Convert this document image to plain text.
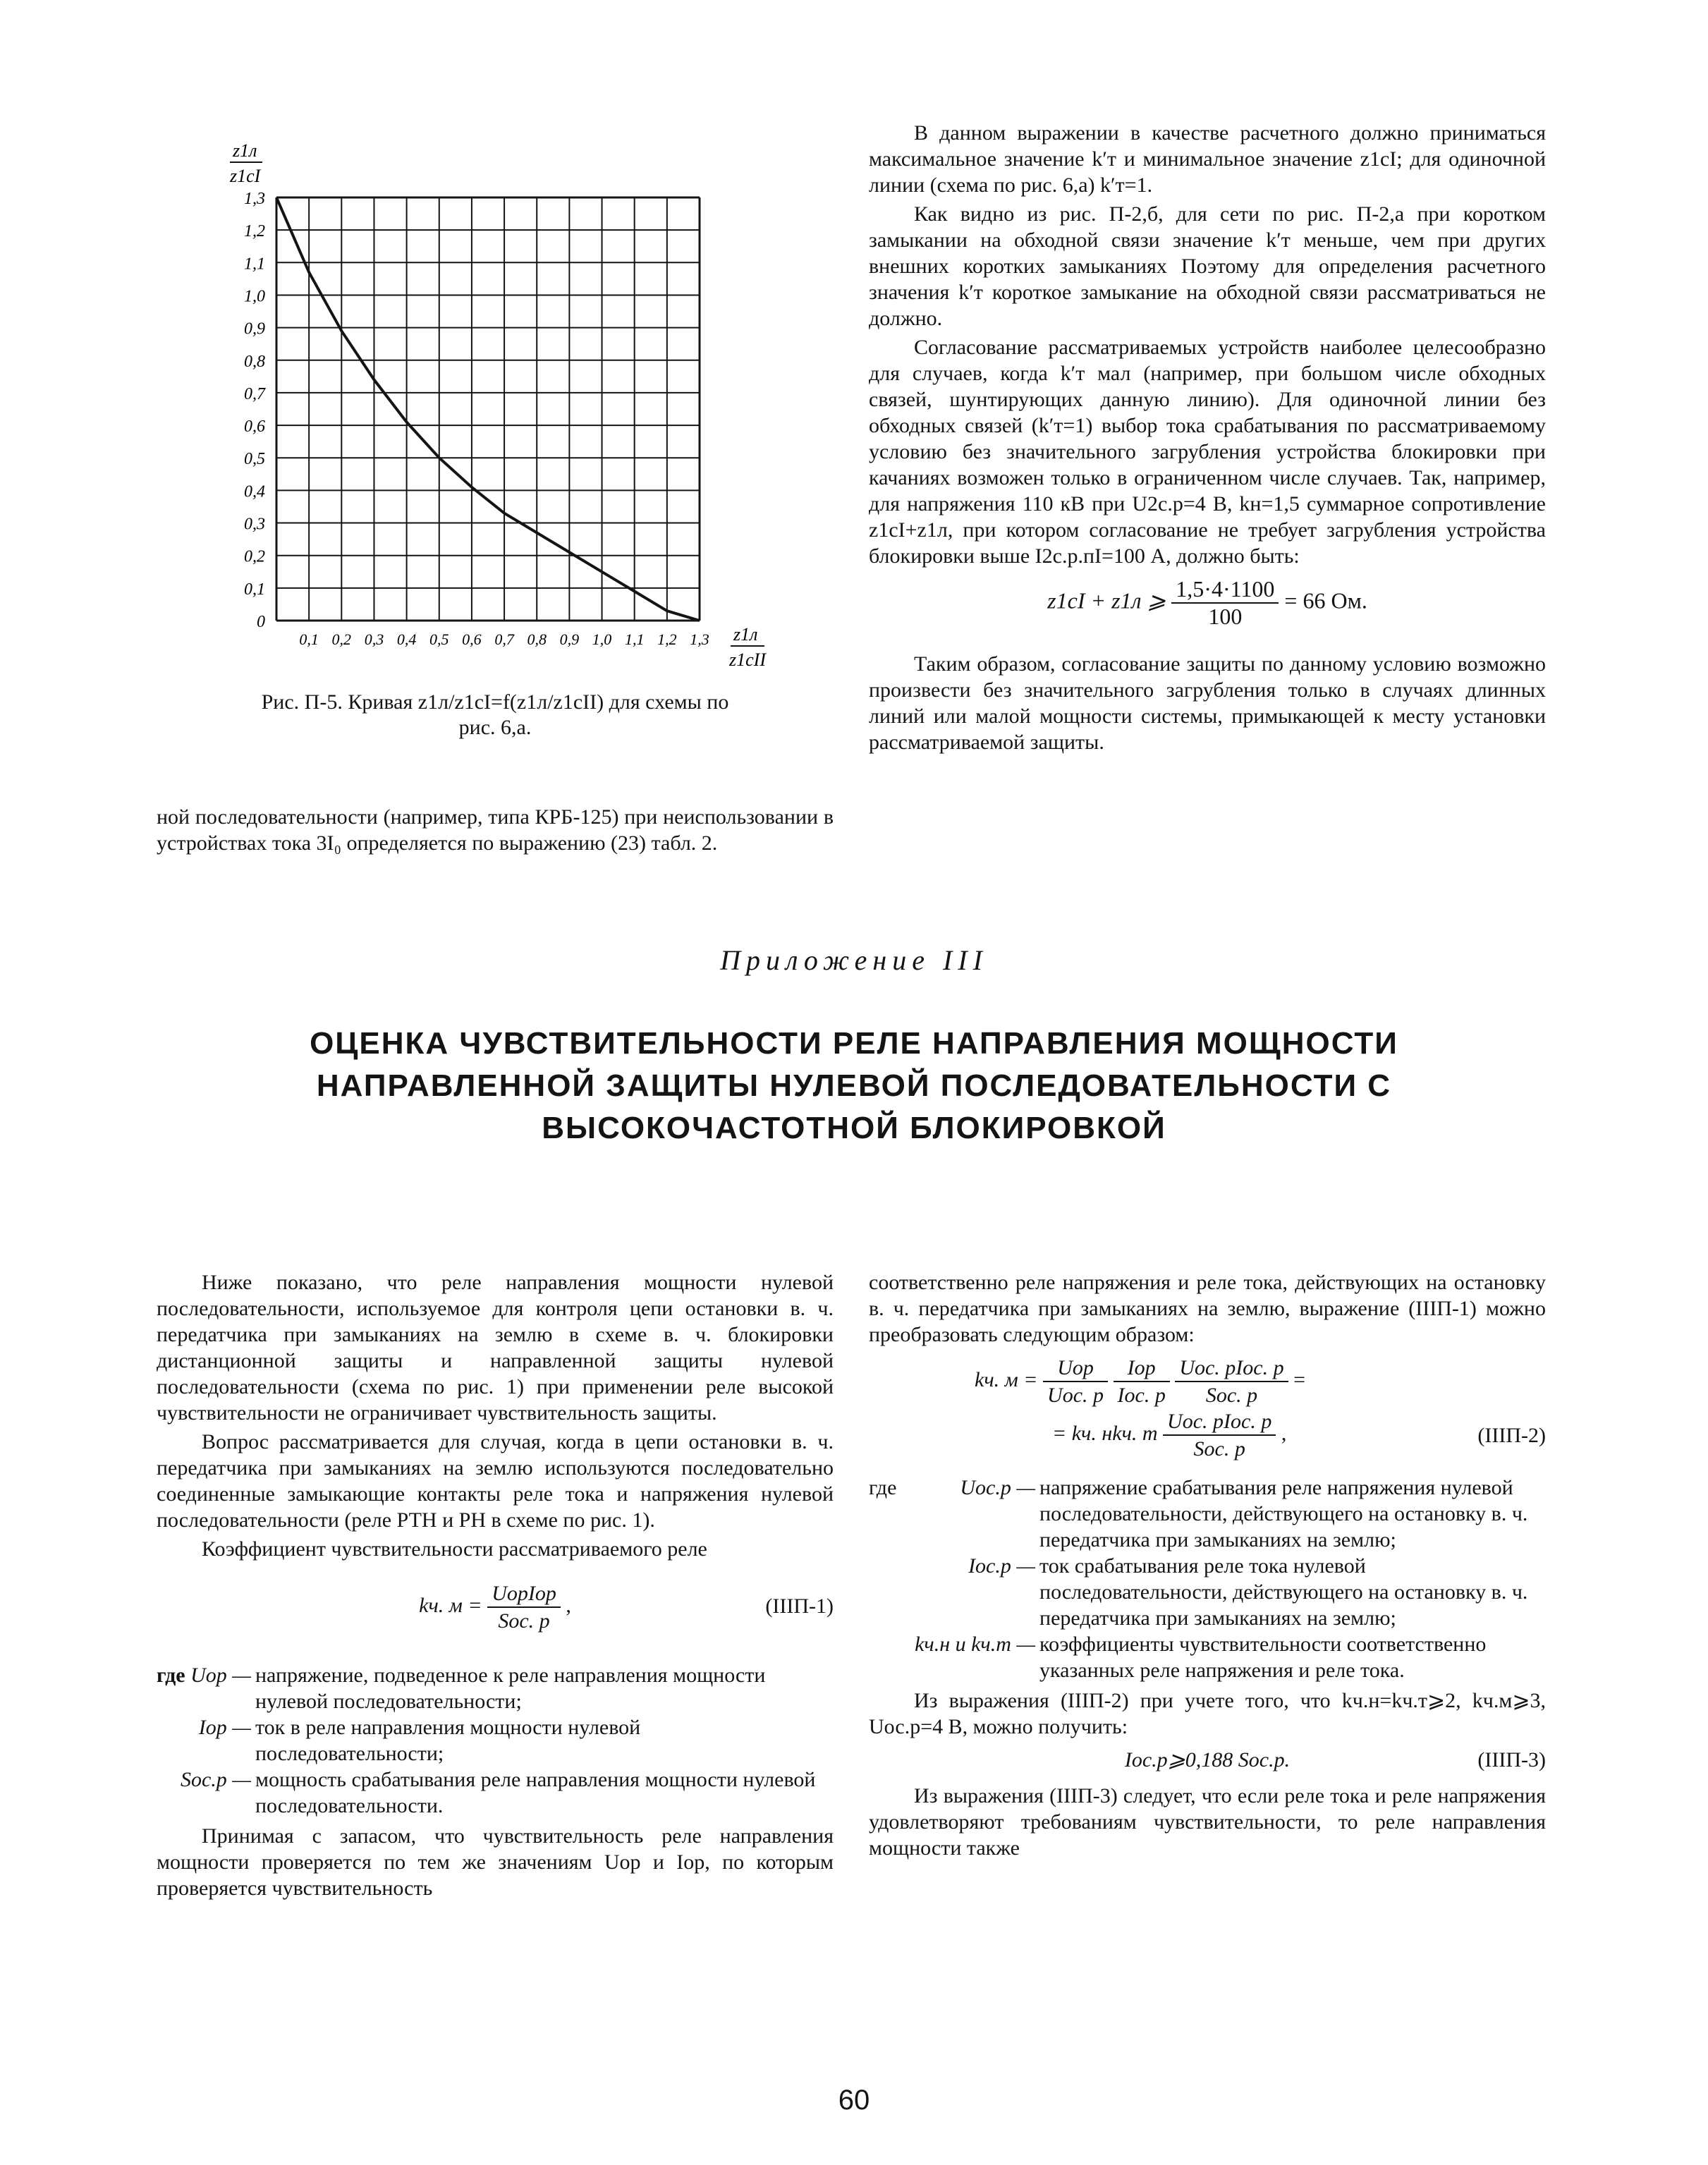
1,3
1,2
1,1
1,0
0,9
0,8
0,7
0,6
0,5
0,4
0,3
0,2
0,1
0
0,1 0,2 0,3 0,4 0,5 0,6 0,7 0,8 0,9 1,0 1,1 1,2 1,3
z1л
z1cI
z1л
z1cII
Рис. П-5. Кривая z1л/z1cI=f(z1л/z1cII) для схемы по
рис. 6,а.

ной последовательности (например, типа КРБ-125) при неиспользовании в устройствах тока 3I₀ определяется по выражению (23) табл. 2.

В данном выражении в качестве расчетного должно приниматься максимальное значение k′т и минимальное значение z1cI; для одиночной линии (схема по рис. 6,а) k′т=1.

Как видно из рис. П-2,б, для сети по рис. П-2,а при коротком замыкании на обходной связи значение k′т меньше, чем при других внешних коротких замыканиях Поэтому для определения расчетного значения k′т короткое замыкание на обходной связи рассматриваться не должно.

Согласование рассматриваемых устройств наиболее целесообразно для случаев, когда k′т мал (например, при большом числе обходных связей, шунтирующих данную линию). Для одиночной линии без обходных связей (k′т=1) выбор тока срабатывания по рассматриваемому условию без значительного загрубления устройства блокировки при качаниях возможен только в ограниченном числе случаев. Так, например, для напряжения 110 кВ при U2с.р=4 В, kн=1,5 суммарное сопротивление z1cI+z1л, при котором согласование не требует загрубления устройства блокировки выше I2с.р.пI=100 А, должно быть:

z1cI + z1л ⩾ $\frac{1,5\cdot 4\cdot 1100}{100} = 66$ Ом.

Таким образом, согласование защиты по данному условию возможно произвести без значительного загрубления только в случаях длинных линий или малой мощности системы, примыкающей к месту установки рассматриваемой защиты.

Приложение III
ОЦЕНКА ЧУВСТВИТЕЛЬНОСТИ РЕЛЕ НАПРАВЛЕНИЯ МОЩНОСТИ НАПРАВЛЕННОЙ ЗАЩИТЫ НУЛЕВОЙ ПОСЛЕДОВАТЕЛЬНОСТИ С ВЫСОКОЧАСТОТНОЙ БЛОКИРОВКОЙ

Ниже показано, что реле направления мощности нулевой последовательности, используемое для контроля цепи остановки в. ч. передатчика при замыканиях на землю в схеме в. ч. блокировки дистанционной защиты и направленной защиты нулевой последовательности (схема по рис. 1) при применении реле высокой чувствительности не ограничивает чувствительность защиты.

Вопрос рассматривается для случая, когда в цепи остановки в. ч. передатчика при замыканиях на землю используются последовательно соединенные замыкающие контакты реле тока и напряжения нулевой последовательности (реле РТН и РН в схеме по рис. 1).

Коэффициент чувствительности рассматриваемого реле

kч. $м = \frac{\text{UорIор}}{\text{Sос. р}}$ ,	(IIIП-1)
где Uор — напряжение, подведенное к реле направления мощности нулевой последовательности;
Iор — ток в реле направления мощности нулевой последовательности;
Sос.р — мощность срабатывания реле направления мощности нулевой последовательности.

Принимая с запасом, что чувствительность реле направления мощности проверяется по тем же значениям Uор и Iор, по которым проверяется чувствительность

соответственно реле напряжения и реле тока, действующих на остановку в. ч. передатчика при замыканиях на землю, выражение (IIIП-1) можно преобразовать следующим образом:

kч. $м = \frac{\text{Uор}}{\text{Uос. р}}$
$\frac{\text{Iор}}{\text{Iос. р}}$
$\frac{\text{Uос. рIос. р}}{\text{Sос. р}}$ =
= kч. нkч. т $\frac{\text{Uос. рIос. р}}{\text{Sос. р}}$ ,	(IIIП-2)
где	Uос.р — напряжение срабатывания реле напряжения нулевой последовательности, действующего на остановку в. ч. передатчика при замыканиях на землю;
Iос.р — ток срабатывания реле тока нулевой последовательности, действующего на остановку в. ч. передатчика при замыканиях на землю;
kч.н и kч.т — коэффициенты чувствительности соответственно указанных реле напряжения и реле тока.

Из выражения (IIIП-2) при учете того, что kч.н=kч.т⩾2, kч.м⩾3, Uос.р=4 В, можно получить:

Iос.р⩾0,188 Sос.р.	(IIIП-3)

Из выражения (IIIП-3) следует, что если реле тока и реле напряжения удовлетворяют требованиям чувствительности, то реле направления мощности также

60
